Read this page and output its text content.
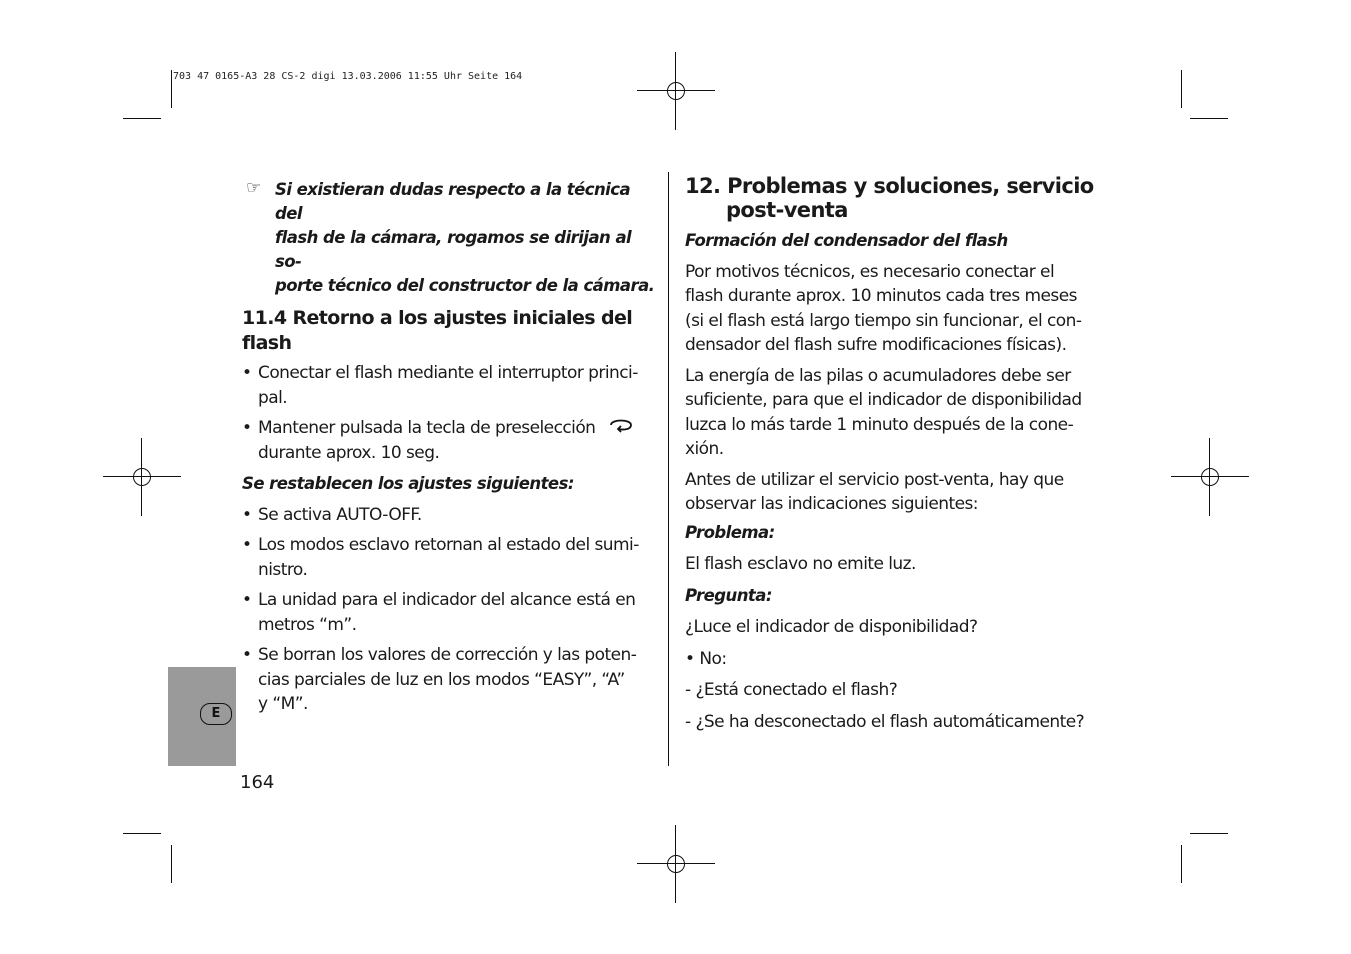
703 47 0165-A3 28 CS-2 digi 13.03.2006 11:55 Uhr Seite 164
E
164

☞ Si existieran dudas respecto a la técnica del
flash de la cámara, rogamos se dirijan al so-
porte técnico del constructor de la cámara.

11.4 Retorno a los ajustes iniciales del flash

• Conectar el flash mediante el interruptor princi-
pal.

• Mantener pulsada la tecla de preselección
durante aprox. 10 seg.

Se restablecen los ajustes siguientes:

• Se activa AUTO-OFF.

• Los modos esclavo retornan al estado del sumi-
nistro.

• La unidad para el indicador del alcance está en
metros “m”.

• Se borran los valores de corrección y las poten-
cias parciales de luz en los modos “EASY”, “A”
y “M”.

12. Problemas y soluciones, servicio
post-venta

Formación del condensador del flash

Por motivos técnicos, es necesario conectar el
flash durante aprox. 10 minutos cada tres meses
(si el flash está largo tiempo sin funcionar, el con-
densador del flash sufre modificaciones físicas).

La energía de las pilas o acumuladores debe ser
suficiente, para que el indicador de disponibilidad
luzca lo más tarde 1 minuto después de la cone-
xión.

Antes de utilizar el servicio post-venta, hay que
observar las indicaciones siguientes:

Problema:

El flash esclavo no emite luz.

Pregunta:

¿Luce el indicador de disponibilidad?

• No:

- ¿Está conectado el flash?

- ¿Se ha desconectado el flash automáticamente?
